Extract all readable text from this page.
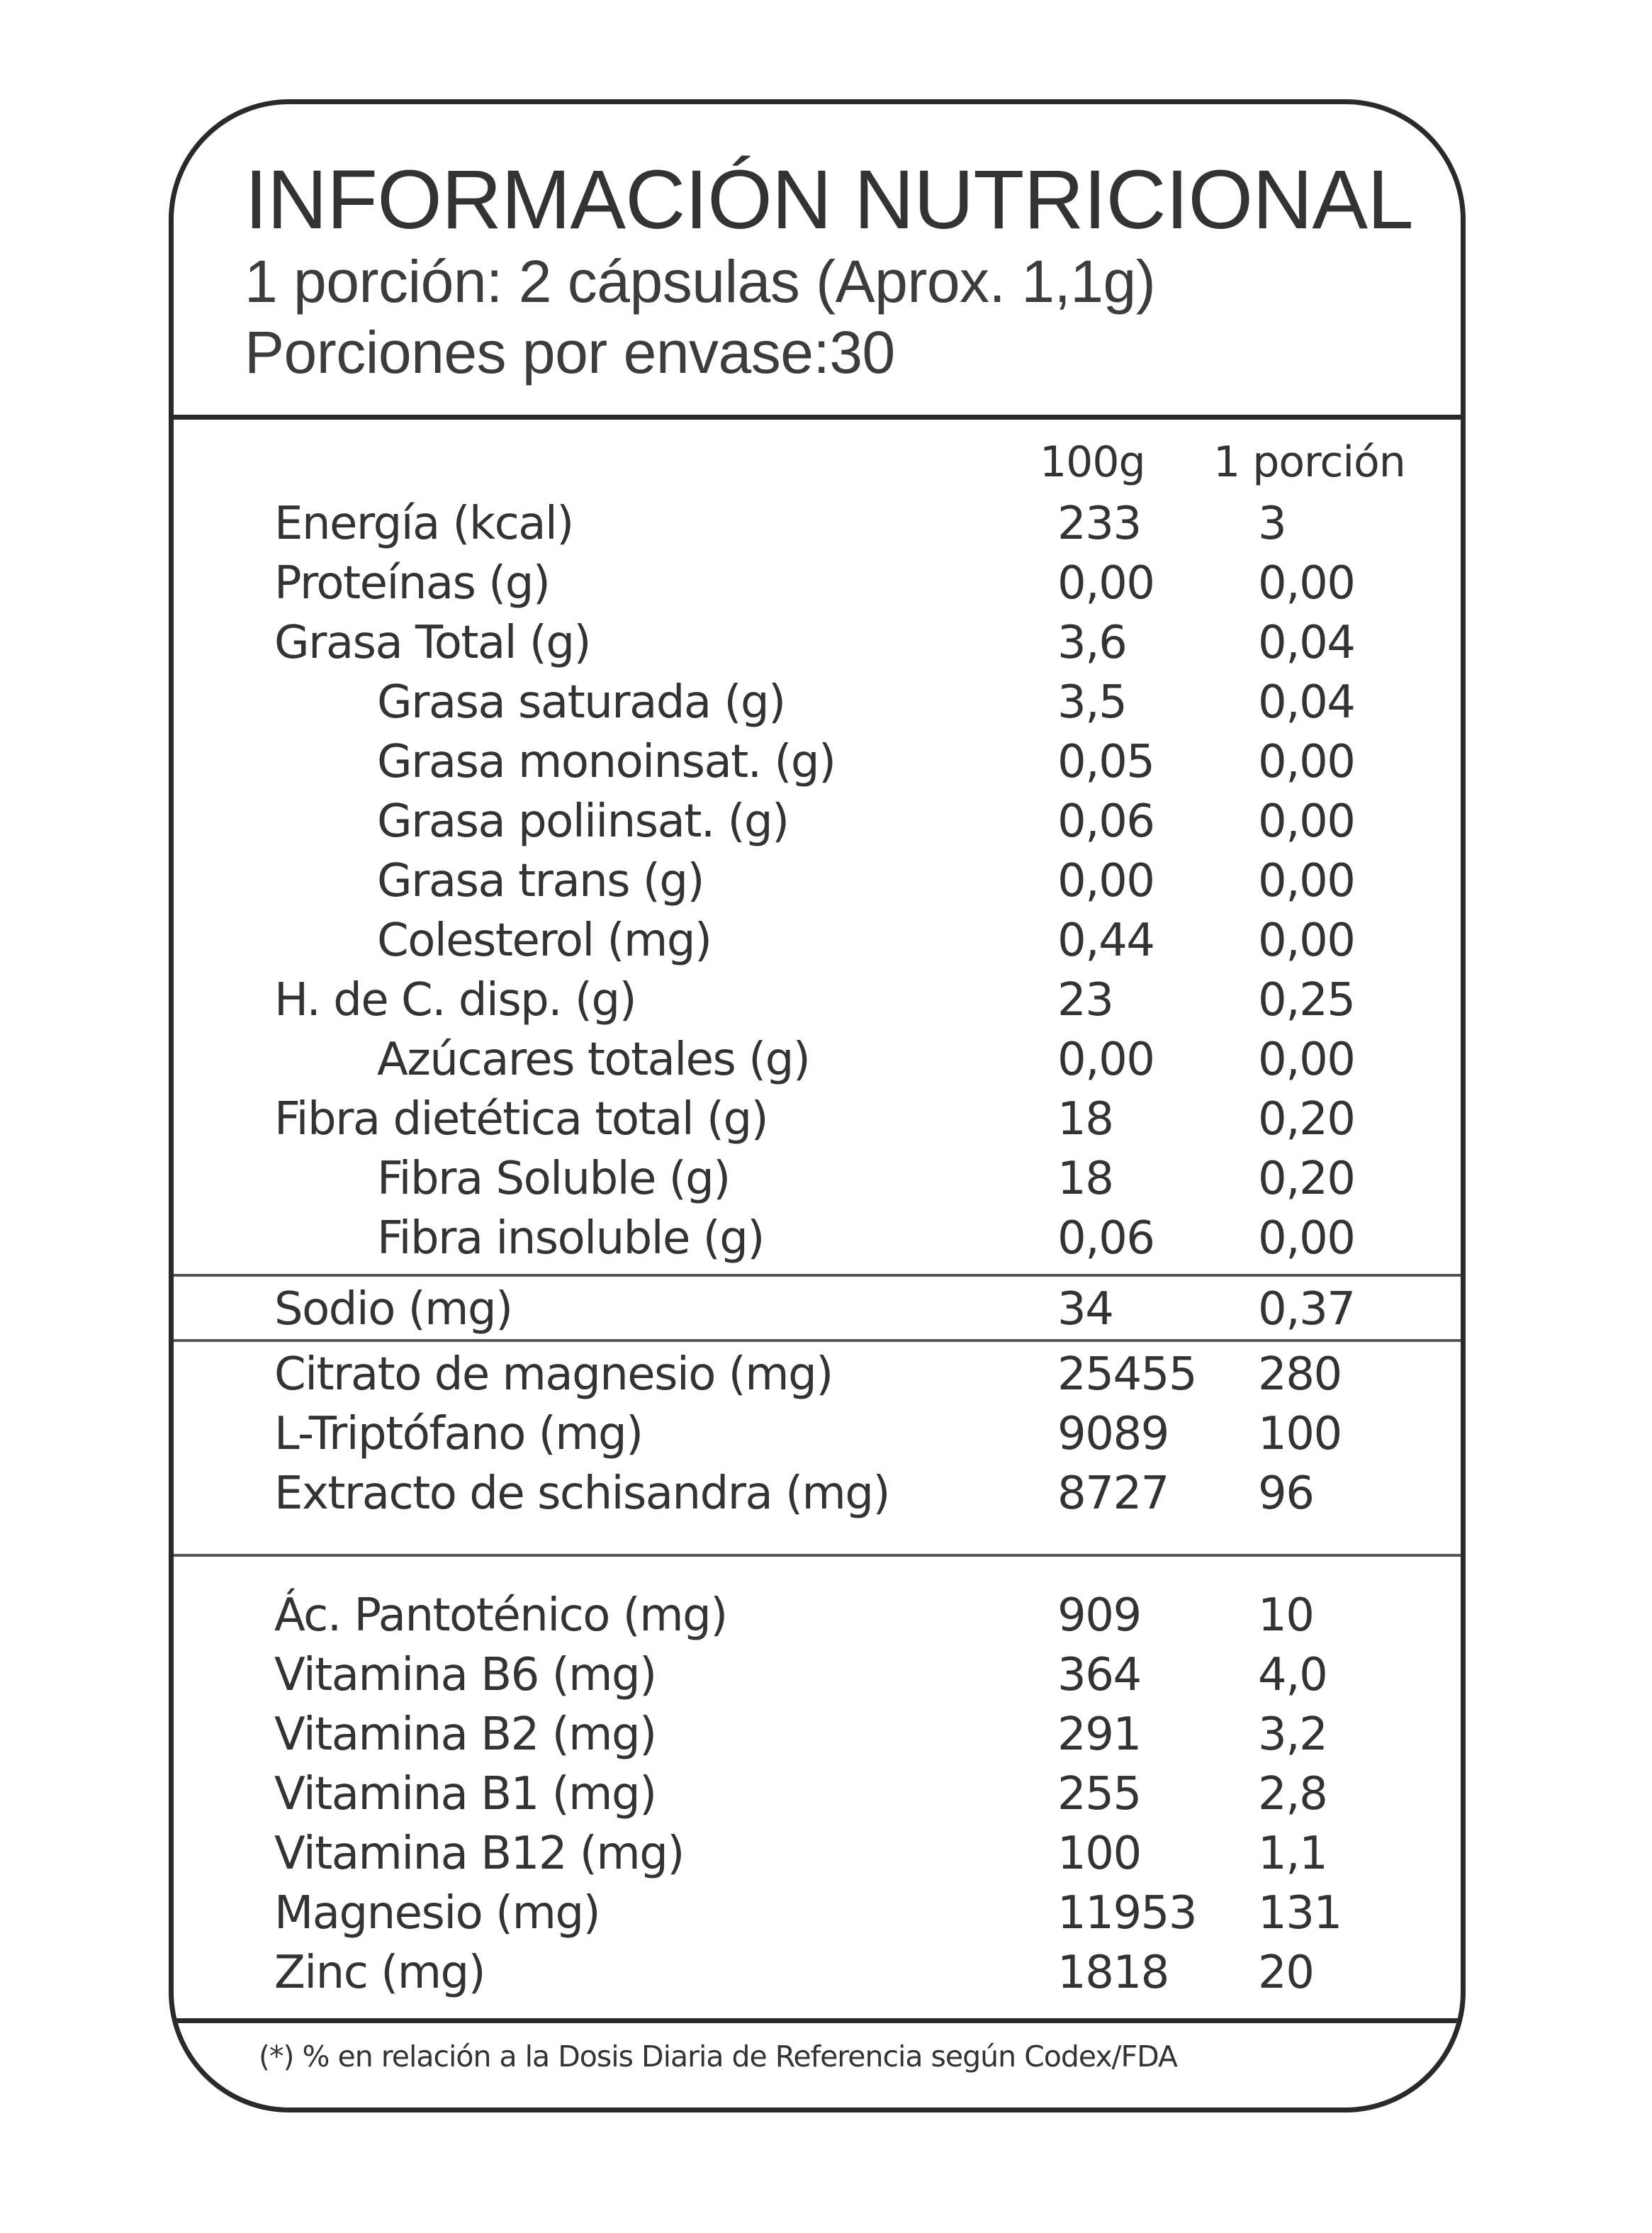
INFORMACIÓN NUTRICIONAL
1 porción: 2 cápsulas (Aprox. 1,1g)
Porciones por envase:30
100g 1 porción
Energía (kcal)	233	3
Proteínas (g)	0,00 0,00
Grasa Total (g)	3,6	0,04
Grasa saturada (g)	3,5	0,04
Grasa monoinsat. (g)	0,05 0,00
Grasa poliinsat. (g)	0,06 0,00
Grasa trans (g)	0,00 0,00
Colesterol (mg)	0,44 0,00
H. de C. disp. (g)	23	0,25
Azúcares totales (g)	0,00 0,00
Fibra dietética total (g)	18	0,20
Fibra Soluble (g)	18	0,20
Fibra insoluble (g)	0,06 0,00
Sodio (mg)	34	0,37
Citrato de magnesio (mg)	25455 280
L-Triptófano (mg)	9089 100
Extracto de schisandra (mg)	8727 96
Ác. Pantoténico (mg)	909	10
Vitamina B6 (mg)	364	4,0
Vitamina B2 (mg)	291	3,2
Vitamina B1 (mg)	255	2,8
Vitamina B12 (mg)	100	1,1
Magnesio (mg)	11953 131
Zinc (mg)	1818 20
(*) % en relación a la Dosis Diaria de Referencia según Codex/FDA
